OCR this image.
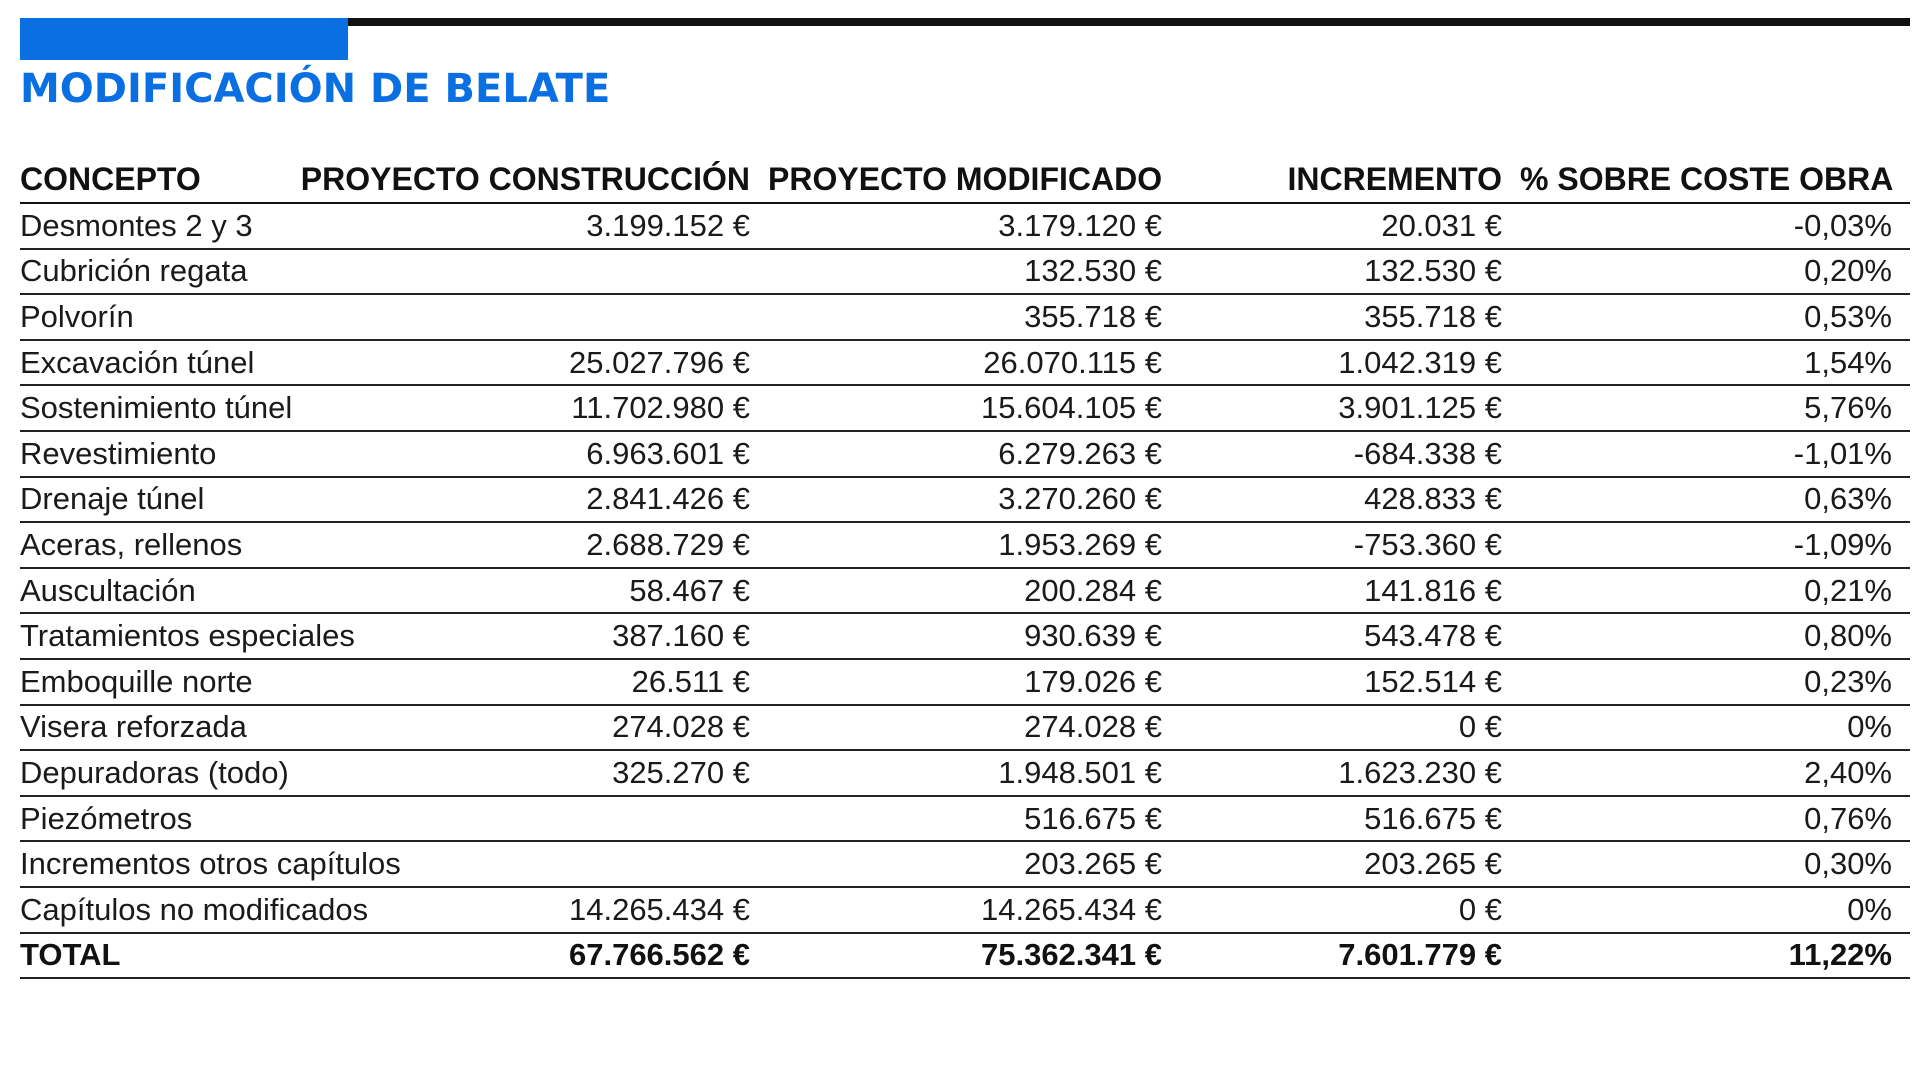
MODIFICACIÓN DE BELATE
CONCEPTO	PROYECTO CONSTRUCCIÓN	PROYECTO MODIFICADO	INCREMENTO	% SOBRE COSTE OBRA
Desmontes 2 y 3	3.199.152 €	3.179.120 €	20.031 €	-0,03%
Cubrición regata		132.530 €	132.530 €	0,20%
Polvorín		355.718 €	355.718 €	0,53%
Excavación túnel	25.027.796 €	26.070.115 €	1.042.319 €	1,54%
Sostenimiento túnel	11.702.980 €	15.604.105 €	3.901.125 €	5,76%
Revestimiento	6.963.601 €	6.279.263 €	-684.338 €	-1,01%
Drenaje túnel	2.841.426 €	3.270.260 €	428.833 €	0,63%
Aceras, rellenos	2.688.729 €	1.953.269 €	-753.360 €	-1,09%
Auscultación	58.467 €	200.284 €	141.816 €	0,21%
Tratamientos especiales	387.160 €	930.639 €	543.478 €	0,80%
Emboquille norte	26.511 €	179.026 €	152.514 €	0,23%
Visera reforzada	274.028 €	274.028 €	0 €	0%
Depuradoras (todo)	325.270 €	1.948.501 €	1.623.230 €	2,40%
Piezómetros		516.675 €	516.675 €	0,76%
Incrementos otros capítulos		203.265 €	203.265 €	0,30%
Capítulos no modificados	14.265.434 €	14.265.434 €	0 €	0%
TOTAL	67.766.562 €	75.362.341 €	7.601.779 €	11,22%
